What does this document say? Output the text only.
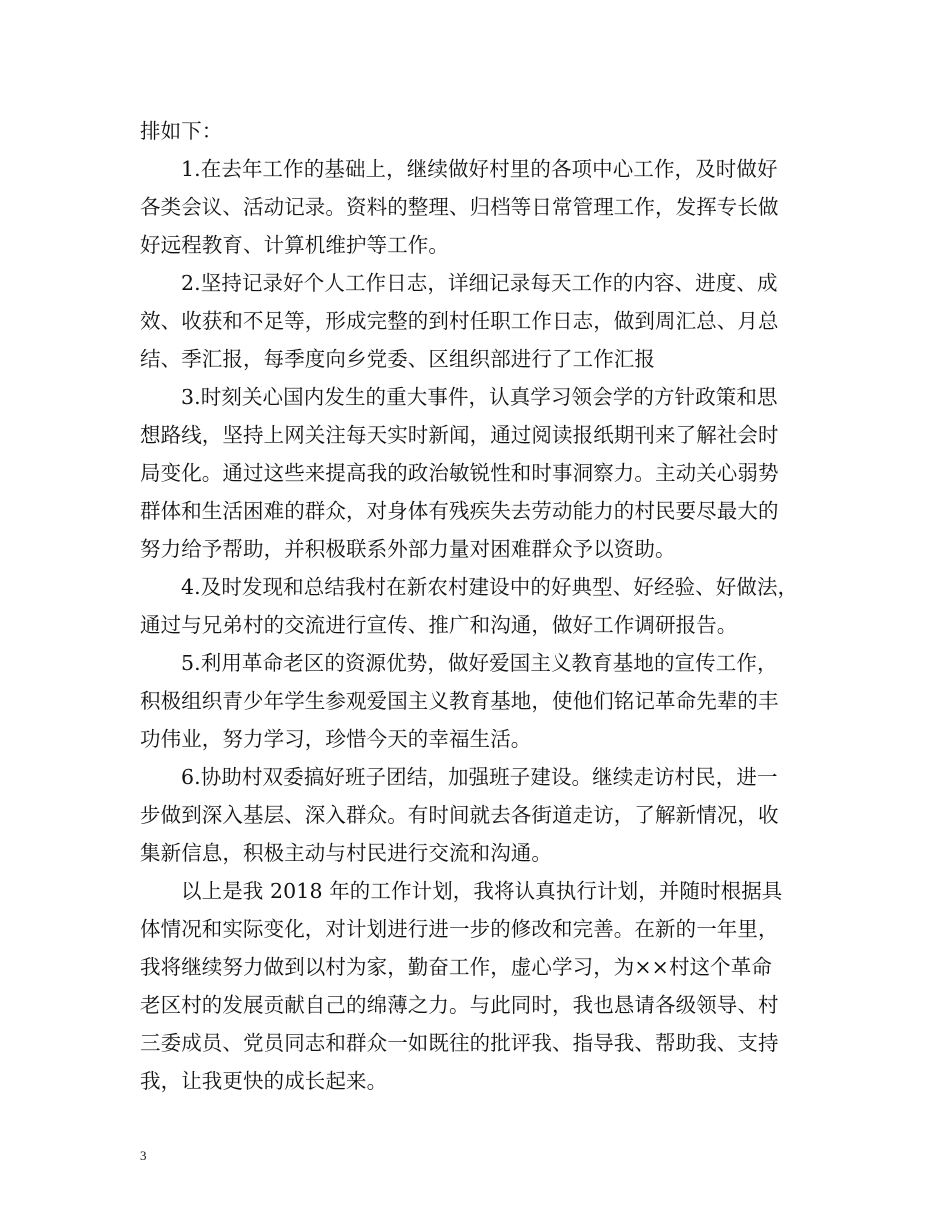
排如下：
1.在去年工作的基础上，继续做好村里的各项中心工作，及时做好
各类会议、活动记录。资料的整理、归档等日常管理工作，发挥专长做
好远程教育、计算机维护等工作。
2.坚持记录好个人工作日志，详细记录每天工作的内容、进度、成
效、收获和不足等，形成完整的到村任职工作日志，做到周汇总、月总
结、季汇报，每季度向乡党委、区组织部进行了工作汇报
3.时刻关心国内发生的重大事件，认真学习领会学的方针政策和思
想路线，坚持上网关注每天实时新闻，通过阅读报纸期刊来了解社会时
局变化。通过这些来提高我的政治敏锐性和时事洞察力。主动关心弱势
群体和生活困难的群众，对身体有残疾失去劳动能力的村民要尽最大的
努力给予帮助，并积极联系外部力量对困难群众予以资助。
4.及时发现和总结我村在新农村建设中的好典型、好经验、好做法，
通过与兄弟村的交流进行宣传、推广和沟通，做好工作调研报告。
5.利用革命老区的资源优势，做好爱国主义教育基地的宣传工作，
积极组织青少年学生参观爱国主义教育基地，使他们铭记革命先辈的丰
功伟业，努力学习，珍惜今天的幸福生活。
6.协助村双委搞好班子团结，加强班子建设。继续走访村民，进一
步做到深入基层、深入群众。有时间就去各街道走访，了解新情况，收
集新信息，积极主动与村民进行交流和沟通。
以上是我 2018 年的工作计划，我将认真执行计划，并随时根据具
体情况和实际变化，对计划进行进一步的修改和完善。在新的一年里，
我将继续努力做到以村为家，勤奋工作，虚心学习，为××村这个革命
老区村的发展贡献自己的绵薄之力。与此同时，我也恳请各级领导、村
三委成员、党员同志和群众一如既往的批评我、指导我、帮助我、支持
我，让我更快的成长起来。
3
